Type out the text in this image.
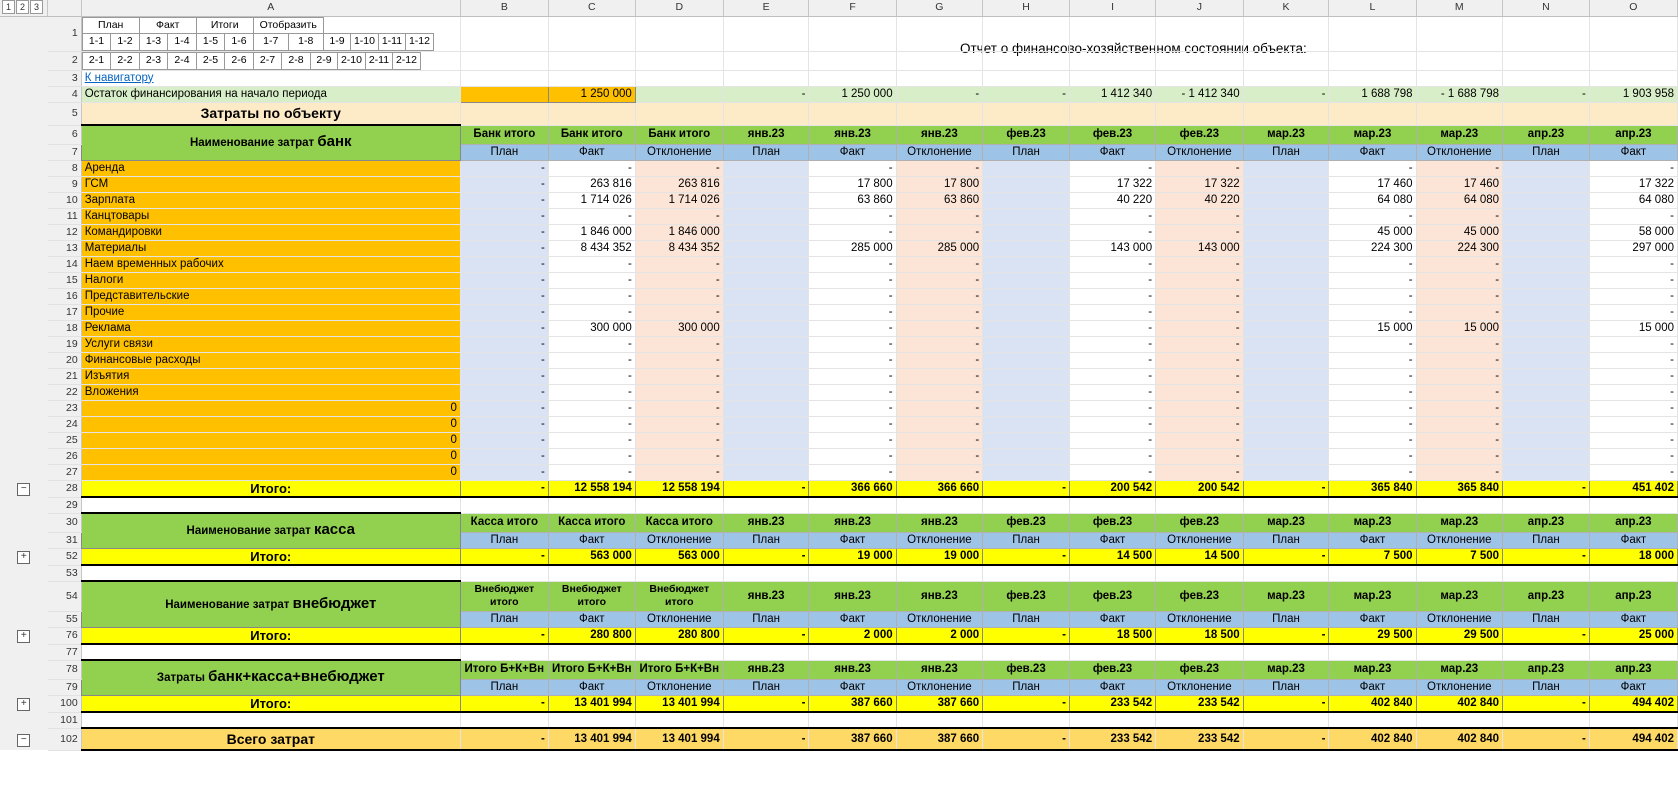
Отчет о финансово-хозяйственном состоянии объекта:
1 2 3		A	B	C	D	E	F	G	H	I	J	K	L	M	N	O
	1	
План	Факт	Итоги	Отобразить	
1-1	1-2	1-3	1-4	1-5	1-6	1-7	1-8	1-9	1-10	1-11	1-12

	2	2-1	2-2	2-3	2-4	2-5	2-6	2-7	2-8	2-9	2-10	2-11	2-12

	3	К навигатору														
	4	Остаток финансирования на начало периода		1 250 000		-	1 250 000	-	-	1 412 340	- 1 412 340	-	1 688 798	- 1 688 798	-	1 903 958
	5	Затраты по объекту														
	6	Наименование затрат банк	Банк итого	Банк итого	Банк итого	янв.23	янв.23	янв.23	фев.23	фев.23	фев.23	мар.23	мар.23	мар.23	апр.23	апр.23
	7	План	Факт	Отклонение	План	Факт	Отклонение	План	Факт	Отклонение	План	Факт	Отклонение	План	Факт
	8	Аренда	-	-	-		-	-		-	-		-	-		-
	9	ГСМ	-	263 816	263 816		17 800	17 800		17 322	17 322		17 460	17 460		17 322
	10	Зарплата	-	1 714 026	1 714 026		63 860	63 860		40 220	40 220		64 080	64 080		64 080
	11	Канцтовары	-	-	-		-	-		-	-		-	-		-
	12	Командировки	-	1 846 000	1 846 000		-	-		-	-		45 000	45 000		58 000
	13	Материалы	-	8 434 352	8 434 352		285 000	285 000		143 000	143 000		224 300	224 300		297 000
	14	Наем временных рабочих	-	-	-		-	-		-	-		-	-		-
	15	Налоги	-	-	-		-	-		-	-		-	-		-
	16	Представительские	-	-	-		-	-		-	-		-	-		-
	17	Прочие	-	-	-		-	-		-	-		-	-		-
	18	Реклама	-	300 000	300 000		-	-		-	-		15 000	15 000		15 000
	19	Услуги связи	-	-	-		-	-		-	-		-	-		-
	20	Финансовые расходы	-	-	-		-	-		-	-		-	-		-
	21	Изъятия	-	-	-		-	-		-	-		-	-		-
	22	Вложения	-	-	-		-	-		-	-		-	-		-
	23	0	-	-	-		-	-		-	-		-	-		-
	24	0	-	-	-		-	-		-	-		-	-		-
	25	0	-	-	-		-	-		-	-		-	-		-
	26	0	-	-	-		-	-		-	-		-	-		-
	27	0	-	-	-		-	-		-	-		-	-		-
−	28	Итого:	-	12 558 194	12 558 194	-	366 660	366 660	-	200 542	200 542	-	365 840	365 840	-	451 402
	29															
	30	Наименование затрат касса	Касса итого	Касса итого	Касса итого	янв.23	янв.23	янв.23	фев.23	фев.23	фев.23	мар.23	мар.23	мар.23	апр.23	апр.23
	31	План	Факт	Отклонение	План	Факт	Отклонение	План	Факт	Отклонение	План	Факт	Отклонение	План	Факт
+	52	Итого:	-	563 000	563 000	-	19 000	19 000	-	14 500	14 500	-	7 500	7 500	-	18 000
	53															
	54	Наименование затрат внебюджет	Внебюджет итого	Внебюджет итого	Внебюджет итого	янв.23	янв.23	янв.23	фев.23	фев.23	фев.23	мар.23	мар.23	мар.23	апр.23	апр.23
	55	План	Факт	Отклонение	План	Факт	Отклонение	План	Факт	Отклонение	План	Факт	Отклонение	План	Факт
+	76	Итого:	-	280 800	280 800	-	2 000	2 000	-	18 500	18 500	-	29 500	29 500	-	25 000
	77															
	78	Затраты банк+касса+внебюджет	Итого Б+К+Вн	Итого Б+К+Вн	Итого Б+К+Вн	янв.23	янв.23	янв.23	фев.23	фев.23	фев.23	мар.23	мар.23	мар.23	апр.23	апр.23
	79	План	Факт	Отклонение	План	Факт	Отклонение	План	Факт	Отклонение	План	Факт	Отклонение	План	Факт
+	100	Итого:	-	13 401 994	13 401 994	-	387 660	387 660	-	233 542	233 542	-	402 840	402 840	-	494 402
	101															
−	102	Всего затрат	-	13 401 994	13 401 994	-	387 660	387 660	-	233 542	233 542	-	402 840	402 840	-	494 402
